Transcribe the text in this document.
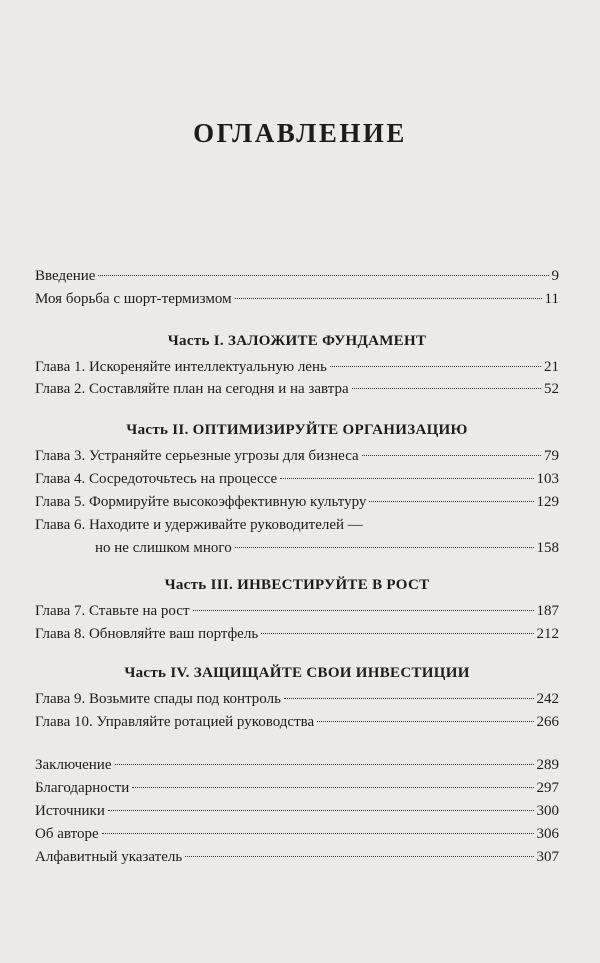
ОГЛАВЛЕНИЕ
Введение	9
Моя борьба с шорт-термизмом	11
Часть I. ЗАЛОЖИТЕ ФУНДАМЕНТ
Глава 1. Искореняйте интеллектуальную лень	21
Глава 2. Составляйте план на сегодня и на завтра	52
Часть II. ОПТИМИЗИРУЙТЕ ОРГАНИЗАЦИЮ
Глава 3. Устраняйте серьезные угрозы для бизнеса	79
Глава 4. Сосредоточьтесь на процессе	103
Глава 5. Формируйте высокоэффективную культуру	129
Глава 6. Находите и удерживайте руководителей —
но не слишком много	158
Часть III. ИНВЕСТИРУЙТЕ В РОСТ
Глава 7. Ставьте на рост	187
Глава 8. Обновляйте ваш портфель	212
Часть IV. ЗАЩИЩАЙТЕ СВОИ ИНВЕСТИЦИИ
Глава 9. Возьмите спады под контроль	242
Глава 10. Управляйте ротацией руководства	266
Заключение	289
Благодарности	297
Источники	300
Об авторе	306
Алфавитный указатель	307
